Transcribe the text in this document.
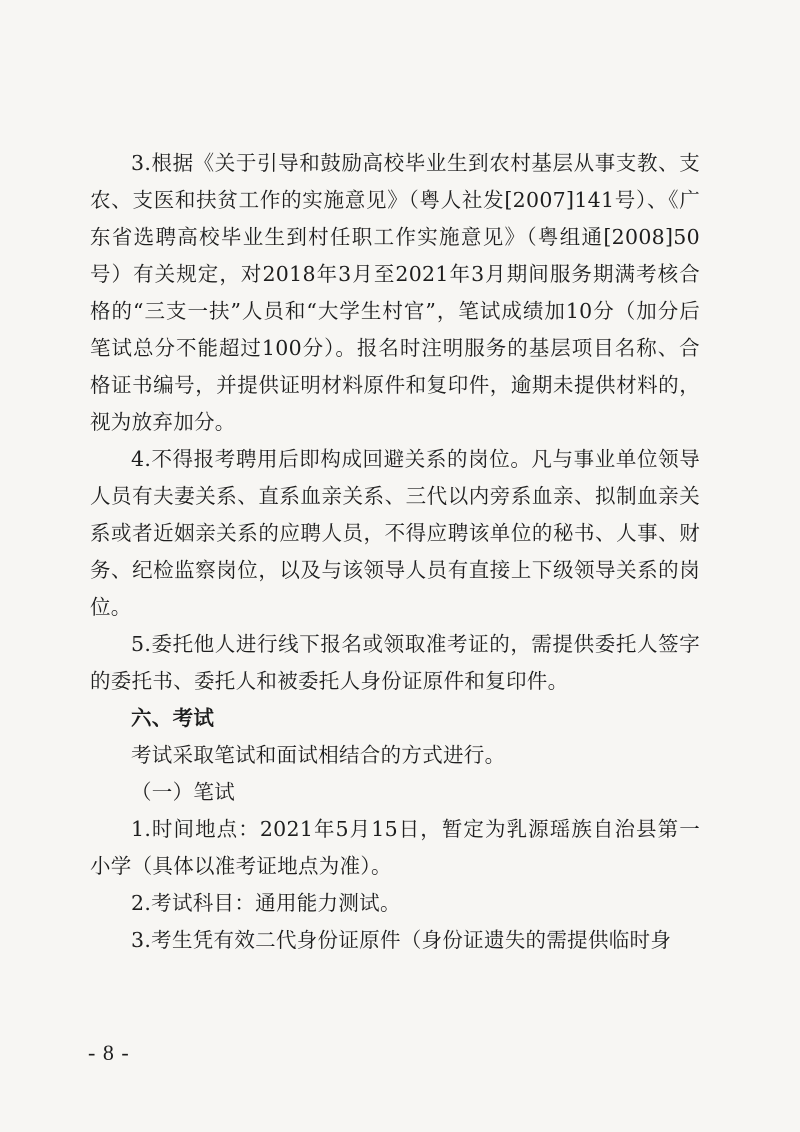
3.根据《关于引导和鼓励高校毕业生到农村基层从事支教、支农、支医和扶贫工作的实施意见》（粤人社发[2007]141号）、《广东省选聘高校毕业生到村任职工作实施意见》（粤组通[2008]50号）有关规定，对2018年3月至2021年3月期间服务期满考核合格的“三支一扶”人员和“大学生村官”，笔试成绩加10分（加分后笔试总分不能超过100分）。报名时注明服务的基层项目名称、合格证书编号，并提供证明材料原件和复印件，逾期未提供材料的，视为放弃加分。

4.不得报考聘用后即构成回避关系的岗位。凡与事业单位领导人员有夫妻关系、直系血亲关系、三代以内旁系血亲、拟制血亲关系或者近姻亲关系的应聘人员，不得应聘该单位的秘书、人事、财务、纪检监察岗位，以及与该领导人员有直接上下级领导关系的岗位。

5.委托他人进行线下报名或领取准考证的，需提供委托人签字的委托书、委托人和被委托人身份证原件和复印件。

六、考试

考试采取笔试和面试相结合的方式进行。

（一）笔试

1.时间地点：2021年5月15日，暂定为乳源瑶族自治县第一小学（具体以准考证地点为准）。

2.考试科目：通用能力测试。

3.考生凭有效二代身份证原件（身份证遗失的需提供临时身

- 8 -
